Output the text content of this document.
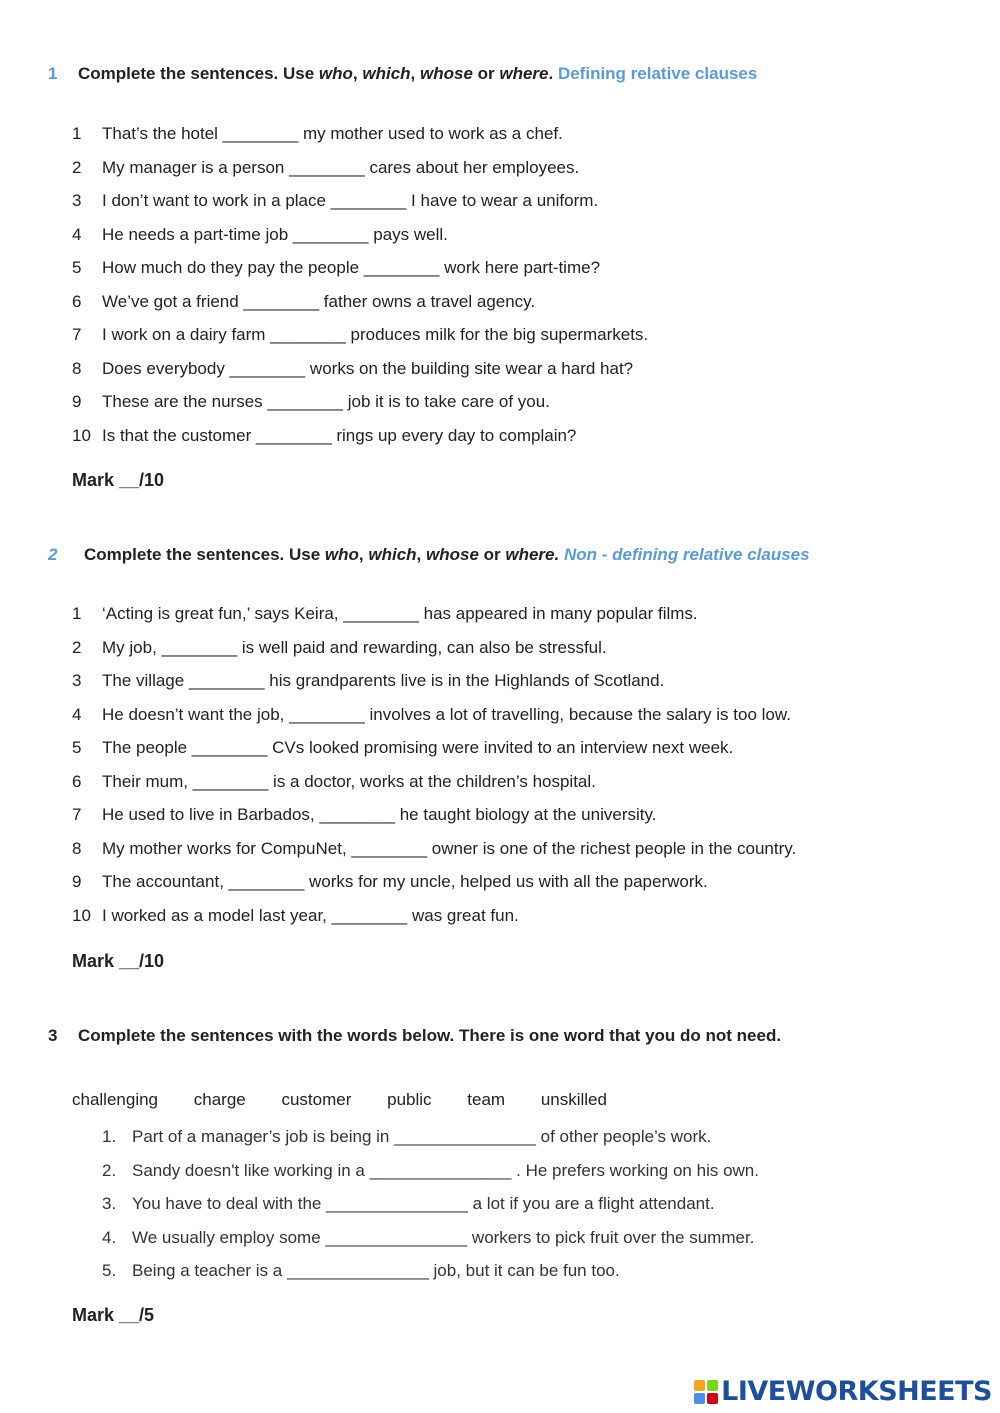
1 Complete the sentences. Use who, which, whose or where. Defining relative clauses
1	That’s the hotel ________ my mother used to work as a chef.
2	My manager is a person ________ cares about her employees.
3	I don’t want to work in a place ________ I have to wear a uniform.
4	He needs a part-time job ________ pays well.
5	How much do they pay the people ________ work here part-time?
6	We’ve got a friend ________ father owns a travel agency.
7	I work on a dairy farm ________ produces milk for the big supermarkets.
8	Does everybody ________ works on the building site wear a hard hat?
9	These are the nurses ________ job it is to take care of you.
10 Is that the customer ________ rings up every day to complain?
Mark __/10
2 Complete the sentences. Use who, which, whose or where. Non - defining relative clauses
1	‘Acting is great fun,’ says Keira, ________ has appeared in many popular films.
2	My job, ________ is well paid and rewarding, can also be stressful.
3	The village ________ his grandparents live is in the Highlands of Scotland.
4	He doesn’t want the job, ________ involves a lot of travelling, because the salary is too low.
5	The people ________ CVs looked promising were invited to an interview next week.
6	Their mum, ________ is a doctor, works at the children’s hospital.
7	He used to live in Barbados, ________ he taught biology at the university.
8	My mother works for CompuNet, ________ owner is one of the richest people in the country.
9	The accountant, ________ works for my uncle, helped us with all the paperwork.
10 I worked as a model last year, ________ was great fun.
Mark __/10
3 Complete the sentences with the words below. There is one word that you do not need.
challenging charge customer public team unskilled
1. Part of a manager’s job is being in _______________ of other people’s work.
2. Sandy doesn't like working in a _______________ . He prefers working on his own.
3. You have to deal with the _______________ a lot if you are a flight attendant.
4. We usually employ some _______________ workers to pick fruit over the summer.
5. Being a teacher is a _______________ job, but it can be fun too.
Mark __/5
LIVEWORKSHEETS
